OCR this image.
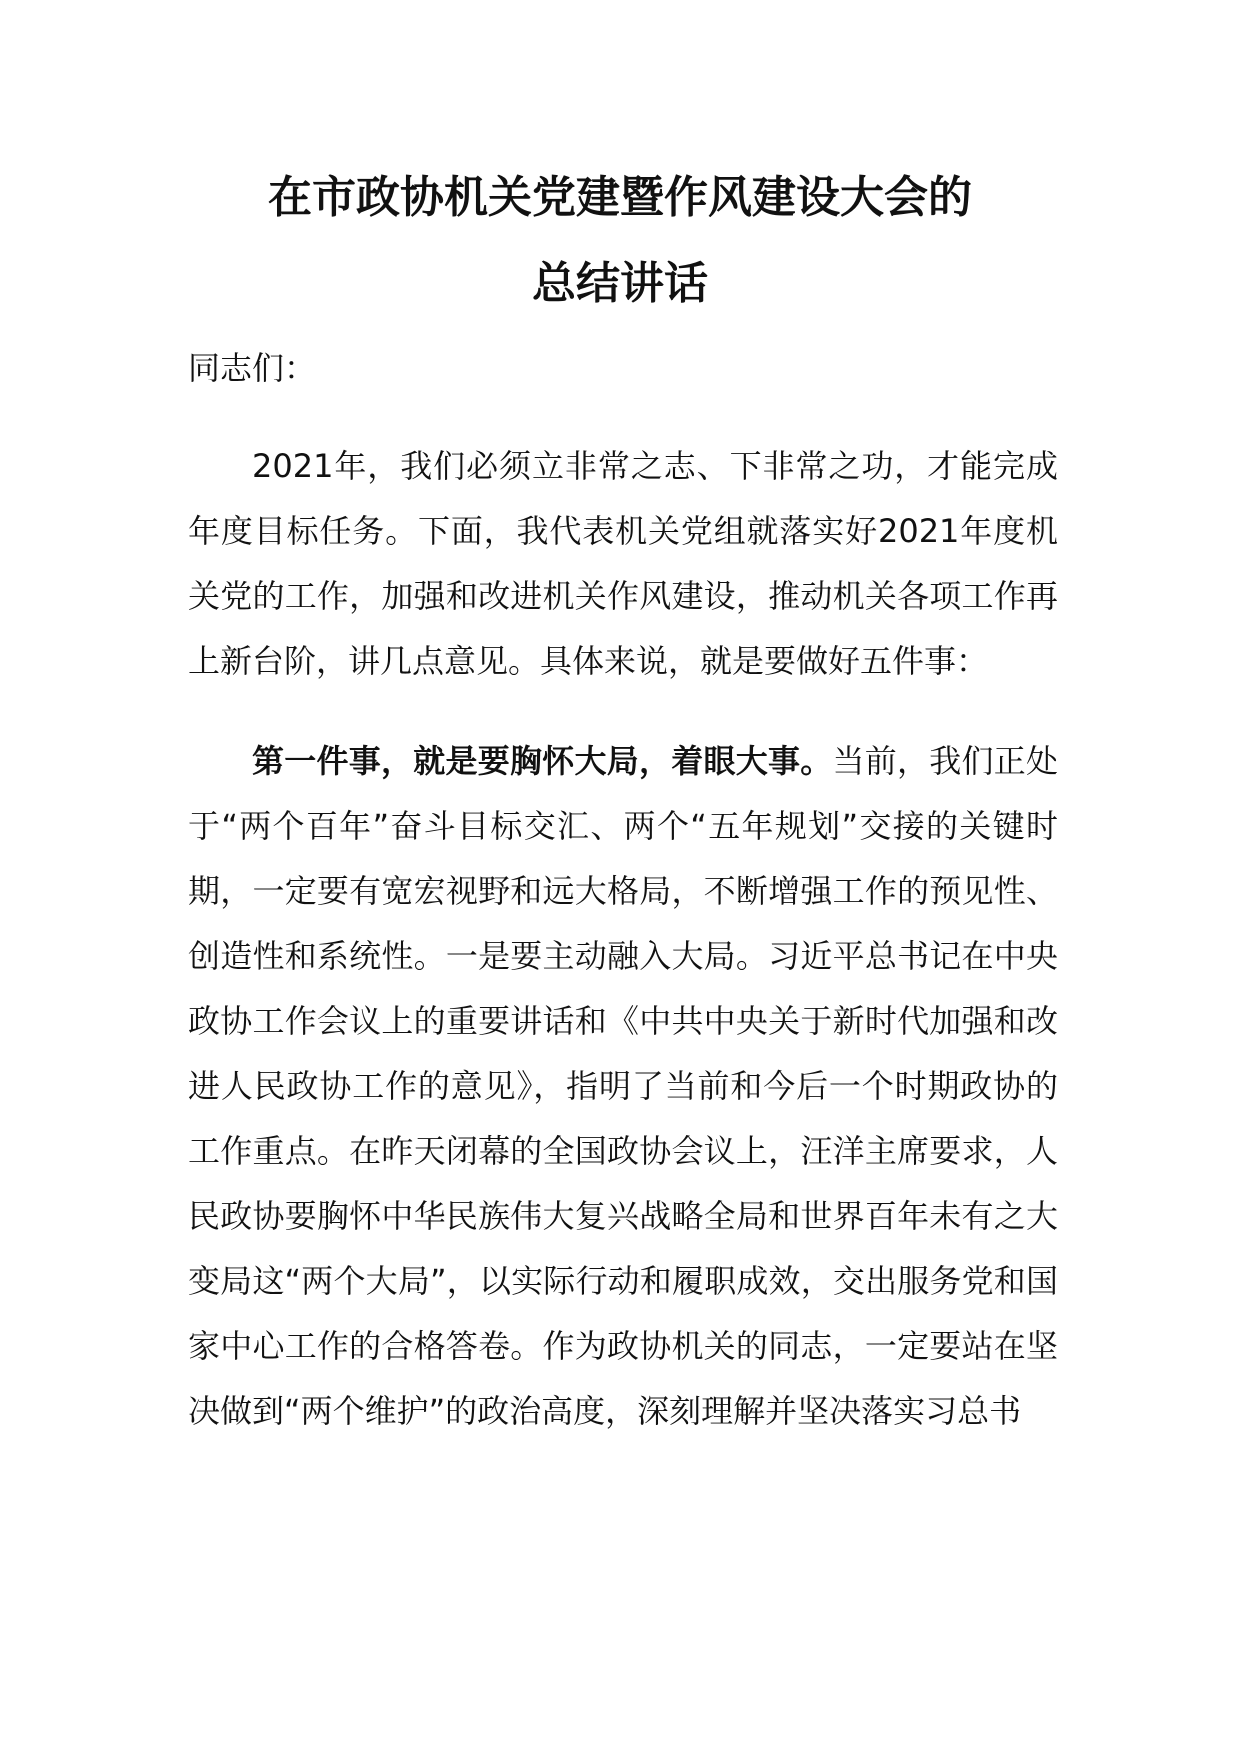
在市政协机关党建暨作风建设大会的
总结讲话

同志们：

2021年，我们必须立非常之志、下非常之功，才能完成年度目标任务。下面，我代表机关党组就落实好2021年度机关党的工作，加强和改进机关作风建设，推动机关各项工作再上新台阶，讲几点意见。具体来说，就是要做好五件事：

第一件事，就是要胸怀大局，着眼大事。当前，我们正处于“两个百年”奋斗目标交汇、两个“五年规划”交接的关键时期，一定要有宽宏视野和远大格局，不断增强工作的预见性、创造性和系统性。一是要主动融入大局。习近平总书记在中央政协工作会议上的重要讲话和《中共中央关于新时代加强和改进人民政协工作的意见》，指明了当前和今后一个时期政协的工作重点。在昨天闭幕的全国政协会议上，汪洋主席要求，人民政协要胸怀中华民族伟大复兴战略全局和世界百年未有之大变局这“两个大局”，以实际行动和履职成效，交出服务党和国家中心工作的合格答卷。作为政协机关的同志，一定要站在坚决做到“两个维护”的政治高度，深刻理解并坚决落实习总书
